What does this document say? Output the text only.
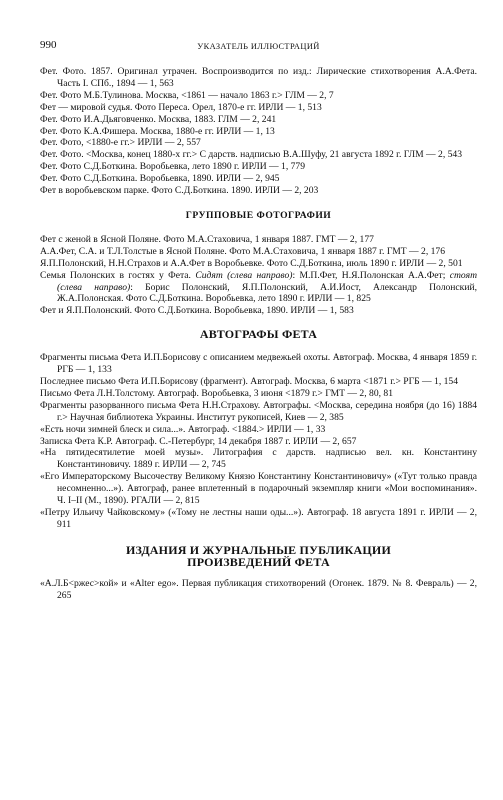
990	УКАЗАТЕЛЬ ИЛЛЮСТРАЦИЙ

Фет. Фото. 1857. Оригинал утрачен. Воспроизводится по изд.: Лирические стихотворения А.А.Фета. Часть I. СПб., 1894 — 1, 563

Фет. Фото М.Б.Тулинова. Москва, <1861 — начало 1863 г.> ГЛМ — 2, 7

Фет — мировой судья. Фото Переса. Орел, 1870-е гг. ИРЛИ — 1, 513

Фет. Фото И.А.Дьяговченко. Москва, 1883. ГЛМ — 2, 241

Фет. Фото К.А.Фишера. Москва, 1880-е гг. ИРЛИ — 1, 13

Фет. Фото, <1880-е гг.> ИРЛИ — 2, 557

Фет. Фото. <Москва, конец 1880-х гг.> С дарств. надписью В.А.Шуфу, 21 августа 1892 г. ГЛМ — 2, 543

Фет. Фото С.Д.Боткина. Воробьевка, лето 1890 г. ИРЛИ — 1, 779

Фет. Фото С.Д.Боткина. Воробьевка, 1890. ИРЛИ — 2, 945

Фет в воробьевском парке. Фото С.Д.Боткина. 1890. ИРЛИ — 2, 203

ГРУППОВЫЕ ФОТОГРАФИИ

Фет с женой в Ясной Поляне. Фото М.А.Стаховича, 1 января 1887. ГМТ — 2, 177

А.А.Фет, С.А. и Т.Л.Толстые в Ясной Поляне. Фото М.А.Стаховича, 1 января 1887 г. ГМТ — 2, 176

Я.П.Полонский, Н.Н.Страхов и А.А.Фет в Воробьевке. Фото С.Д.Боткина, июль 1890 г. ИРЛИ — 2, 501

Семья Полонских в гостях у Фета. Сидят (слева направо): М.П.Фет, Н.Я.Полонская А.А.Фет; стоят (слева направо): Борис Полонский, Я.П.Полонский, А.И.Иост, Александр Полонский, Ж.А.Полонская. Фото С.Д.Боткина. Воробьевка, лето 1890 г. ИРЛИ — 1, 825

Фет и Я.П.Полонский. Фото С.Д.Боткина. Воробьевка, 1890. ИРЛИ — 1, 583

АВТОГРАФЫ ФЕТА

Фрагменты письма Фета И.П.Борисову с описанием медвежьей охоты. Автограф. Москва, 4 января 1859 г. РГБ — 1, 133

Последнее письмо Фета И.П.Борисову (фрагмент). Автограф. Москва, 6 марта <1871 г.> РГБ — 1, 154

Письмо Фета Л.Н.Толстому. Автограф. Воробьевка, 3 июня <1879 г.> ГМТ — 2, 80, 81

Фрагменты разорванного письма Фета Н.Н.Страхову. Автографы. <Москва, середина ноября (до 16) 1884 г.> Научная библиотека Украины. Институт рукописей, Киев — 2, 385

«Есть ночи зимней блеск и сила...». Автограф. <1884.> ИРЛИ — 1, 33

Записка Фета К.Р. Автограф. С.-Петербург, 14 декабря 1887 г. ИРЛИ — 2, 657

«На пятидесятилетие моей музы». Литография с дарств. надписью вел. кн. Константину Константиновичу. 1889 г. ИРЛИ — 2, 745

«Его Императорскому Высочеству Великому Князю Константину Константиновичу» («Тут только правда несомненно...»). Автограф, ранее вплетенный в подарочный экземпляр книги «Мои воспоминания». Ч. I–II (М., 1890). РГАЛИ — 2, 815

«Петру Ильичу Чайковскому» («Тому не лестны наши оды...»). Автограф. 18 августа 1891 г. ИРЛИ — 2, 911

ИЗДАНИЯ И ЖУРНАЛЬНЫЕ ПУБЛИКАЦИИ
ПРОИЗВЕДЕНИЙ ФЕТА

«А.Л.Б<ржес>кой» и «Alter ego». Первая публикация стихотворений (Огонек. 1879. № 8. Февраль) — 2, 265
